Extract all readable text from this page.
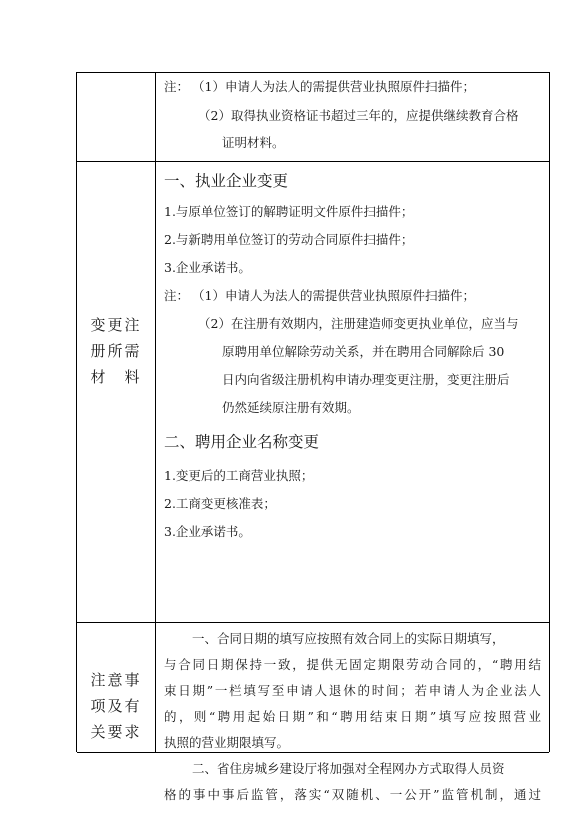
注： （1）申请人为法人的需提供营业执照原件扫描件；
（2）取得执业资格证书超过三年的，应提供继续教育合格
证明材料。
变更注
册所需
材　料
一、执业企业变更
1.与原单位签订的解聘证明文件原件扫描件；
2.与新聘用单位签订的劳动合同原件扫描件；
3.企业承诺书。
注： （1）申请人为法人的需提供营业执照原件扫描件；
（2）在注册有效期内，注册建造师变更执业单位，应当与
原聘用单位解除劳动关系，并在聘用合同解除后 30
日内向省级注册机构申请办理变更注册，变更注册后
仍然延续原注册有效期。
二、聘用企业名称变更
1.变更后的工商营业执照；
2.工商变更核准表；
3.企业承诺书。
注意事
项及有
关要求
一、合同日期的填写应按照有效合同上的实际日期填写，
与合同日期保持一致，提供无固定期限劳动合同的，“聘用结
束日期”一栏填写至申请人退休的时间；若申请人为企业法人
的，则“聘用起始日期”和“聘用结束日期”填写应按照营业
执照的营业期限填写。
二、省住房城乡建设厅将加强对全程网办方式取得人员资
格的事中事后监管，落实“双随机、一公开”监管机制，通过
